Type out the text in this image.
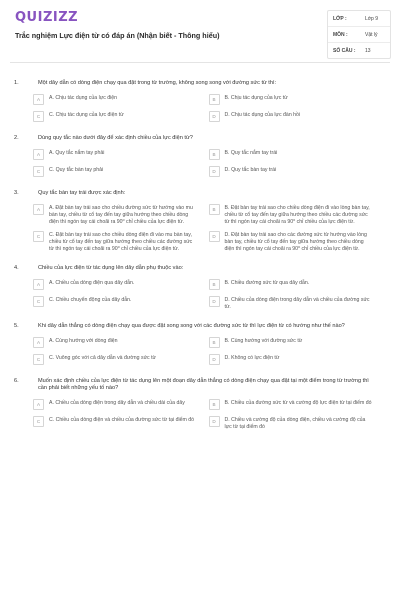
QUIZIZZ
Trắc nghiệm Lực điện từ có đáp án (Nhận biết - Thông hiểu)
LỚP :	Lớp 9
MÔN :	Vật lý
SỐ CÂU :	13
1.	Một dây dẫn có dòng điện chạy qua đặt trong từ trường, không song song với đường sức từ thì:
A	A. Chịu tác dụng của lực điện	B	B. Chịu tác dụng của lực từ
C	C. Chịu tác dụng của lực điện từ	D	D. Chịu tác dụng của lực đàn hồi
2.	Dùng quy tắc nào dưới đây để xác định chiều của lực điện từ?
A	A. Quy tắc nắm tay phải	B	B. Quy tắc nắm tay trái
C	C. Quy tắc bàn tay phải	D	D. Quy tắc bàn tay trái
3.	Quy tắc bàn tay trái được xác định:
A	A. Đặt bàn tay trái sao cho chiều đường sức từ hướng vào mu bàn tay, chiều từ cổ tay đến tay giữa hướng theo chiều dòng điện thì ngón tay cái choãi ra 90⁰ chỉ chiều của lực điện từ.
B	B. Đặt bàn tay trái sao cho chiều dòng điện đi vào lòng bàn tay, chiều từ cổ tay đến tay giữa hướng theo chiều các đường sức từ thì ngón tay cái choãi ra 90⁰ chỉ chiều của lực điện từ.
C	C. Đặt bàn tay trái sao cho chiều dòng điện đi vào mu bàn tay, chiều từ cổ tay đến tay giữa hướng theo chiều các đường sức từ thì ngón tay cái choãi ra 90⁰ chỉ chiều của lực điện từ.
D	D. Đặt bàn tay trái sao cho các đường sức từ hướng vào lòng bàn tay, chiều từ cổ tay đến tay giữa hướng theo chiều dòng điện thì ngón tay cái choãi ra 90⁰ chỉ chiều của lực điện từ.
4.	Chiều của lực điện từ tác dụng lên dây dẫn phụ thuộc vào:
A	A. Chiều của dòng điện qua dây dẫn.	B	B. Chiều đường sức từ qua dây dẫn.
C	C. Chiều chuyển động của dây dẫn.	D	D. Chiều của dòng điện trong dây dẫn và chiều của đường sức từ.
5.	Khi dây dẫn thẳng có dòng điện chạy qua được đặt song song với các đường sức từ thì lực điện từ có hướng như thế nào?
A	A. Cùng hướng với dòng điện	B	B. Cùng hướng với đường sức từ
C	C. Vuông góc với cả dây dẫn và đường sức từ	D	D. Không có lực điện từ
6.	Muốn xác định chiều của lực điện từ tác dụng lên một đoạn dây dẫn thẳng có dòng điện chạy qua đặt tại một điểm trong từ trường thì cần phải biết những yếu tố nào?
A	A. Chiều của dòng điện trong dây dẫn và chiều dài của dây	B	B. Chiều của đường sức từ và cường độ lực điện từ tại điểm đó
C	C. Chiều của dòng điện và chiều của đường sức từ tại điểm đó	D	D. Chiều và cường độ của dòng điện, chiều và cường độ của lực từ tại điểm đó
